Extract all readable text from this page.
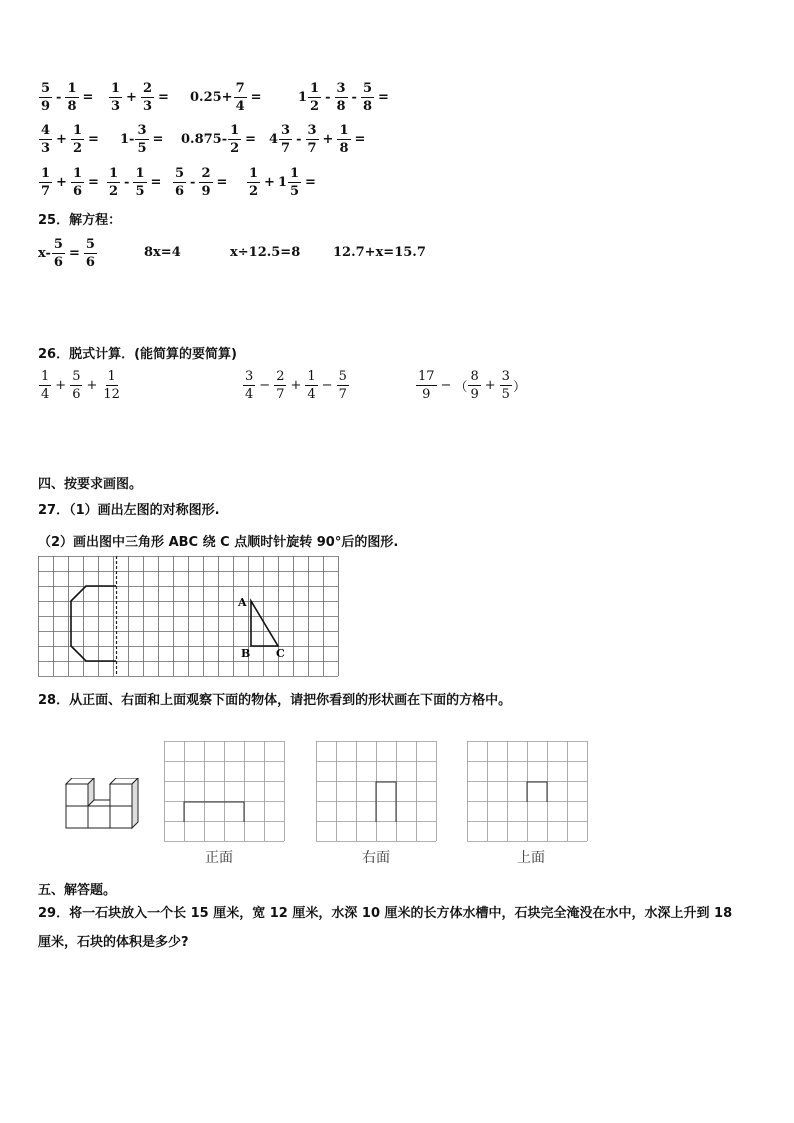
$\frac{5}{9} - \frac{1}{8} = \frac{1}{3} + \frac{2}{3} = 0.25+ \frac{7}{4}$ =	$1 \frac{1}{2} - \frac{3}{8} - \frac{5}{8}$ =
$\frac{4}{3} + \frac{1}{2} = 1- \frac{3}{5} = 0.875- \frac{1}{2} = 4 \frac{3}{7} - \frac{3}{7} + \frac{1}{8}$ =
$\frac{1}{7} + \frac{1}{6} = \frac{1}{2} - \frac{1}{5} = \frac{5}{6} - \frac{2}{9} = \frac{1}{2} + 1 \frac{1}{5}$ =
25．解方程：
$x- \frac{5}{6} = \frac{5}{6}$	8x=4	x÷12.5=8	12.7+x=15.7
26．脱式计算．(能简算的要简算)
$\frac{1}{4} + \frac{5}{6} + \frac{1}{12}$	$\frac{3}{4} - \frac{2}{7} + \frac{1}{4} - \frac{5}{7}$	$\frac{17}{9}$ − （ $\frac{8}{9} + \frac{3}{5}$ ）
四、按要求画图。
27．（1）画出左图的对称图形.
（2）画出图中三角形 ABC 绕 C 点顺时针旋转 90°后的图形.
A
B C
28．从正面、右面和上面观察下面的物体，请把你看到的形状画在下面的方格中。
正面	右面	上面
五、解答题。
29．将一石块放入一个长 15 厘米，宽 12 厘米，水深 10 厘米的长方体水槽中，石块完全淹没在水中，水深上升到 18
厘米，石块的体积是多少?
